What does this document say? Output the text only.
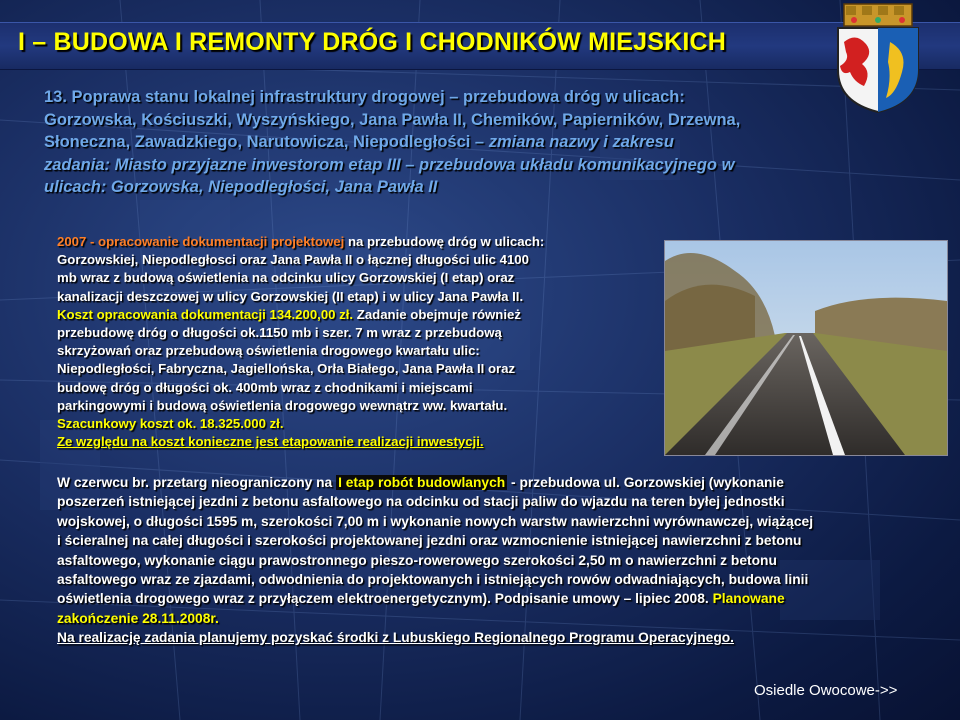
I – BUDOWA I REMONTY DRÓG I CHODNIKÓW MIEJSKICH

13. Poprawa stanu lokalnej infrastruktury drogowej – przebudowa dróg w ulicach:
Gorzowska, Kościuszki, Wyszyńskiego, Jana Pawła II, Chemików, Papierników, Drzewna,
Słoneczna, Zawadzkiego, Narutowicza, Niepodległości – zmiana nazwy i zakresu
zadania: Miasto przyjazne inwestorom etap III – przebudowa układu komunikacyjnego w
ulicach: Gorzowska, Niepodległości, Jana Pawła II

2007 - opracowanie dokumentacji projektowej na przebudowę dróg w ulicach:
Gorzowskiej, Niepodległosci oraz Jana Pawła II o łącznej długości ulic 4100
mb wraz z budową oświetlenia na odcinku ulicy Gorzowskiej (I etap) oraz
kanalizacji deszczowej w ulicy Gorzowskiej (II etap) i w ulicy Jana Pawła II.
Koszt opracowania dokumentacji 134.200,00 zł. Zadanie obejmuje również
przebudowę dróg o długości ok.1150 mb i szer. 7 m wraz z przebudową
skrzyżowań oraz przebudową oświetlenia drogowego kwartału ulic:
Niepodległości, Fabryczna, Jagiellońska, Orła Białego, Jana Pawła II oraz
budowę dróg o długości ok. 400mb wraz z chodnikami i miejscami
parkingowymi i budową oświetlenia drogowego wewnątrz ww. kwartału.
Szacunkowy koszt ok. 18.325.000 zł.
Ze względu na koszt konieczne jest etapowanie realizacji inwestycji.

W czerwcu br. przetarg nieograniczony na I etap robót budowlanych - przebudowa ul. Gorzowskiej (wykonanie
poszerzeń istniejącej jezdni z betonu asfaltowego na odcinku od stacji paliw do wjazdu na teren byłej jednostki
wojskowej, o długości 1595 m, szerokości 7,00 m i wykonanie nowych warstw nawierzchni wyrównawczej, wiążącej
i ścieralnej na całej długości i szerokości projektowanej jezdni oraz wzmocnienie istniejącej nawierzchni z betonu
asfaltowego, wykonanie ciągu prawostronnego pieszo-rowerowego szerokości 2,50 m o nawierzchni z betonu
asfaltowego wraz ze zjazdami, odwodnienia do projektowanych i istniejących rowów odwadniających, budowa linii
oświetlenia drogowego wraz z przyłączem elektroenergetycznym). Podpisanie umowy – lipiec 2008. Planowane
zakończenie 28.11.2008r.
Na realizację zadania planujemy pozyskać środki z Lubuskiego Regionalnego Programu Operacyjnego.

Osiedle Owocowe->>
